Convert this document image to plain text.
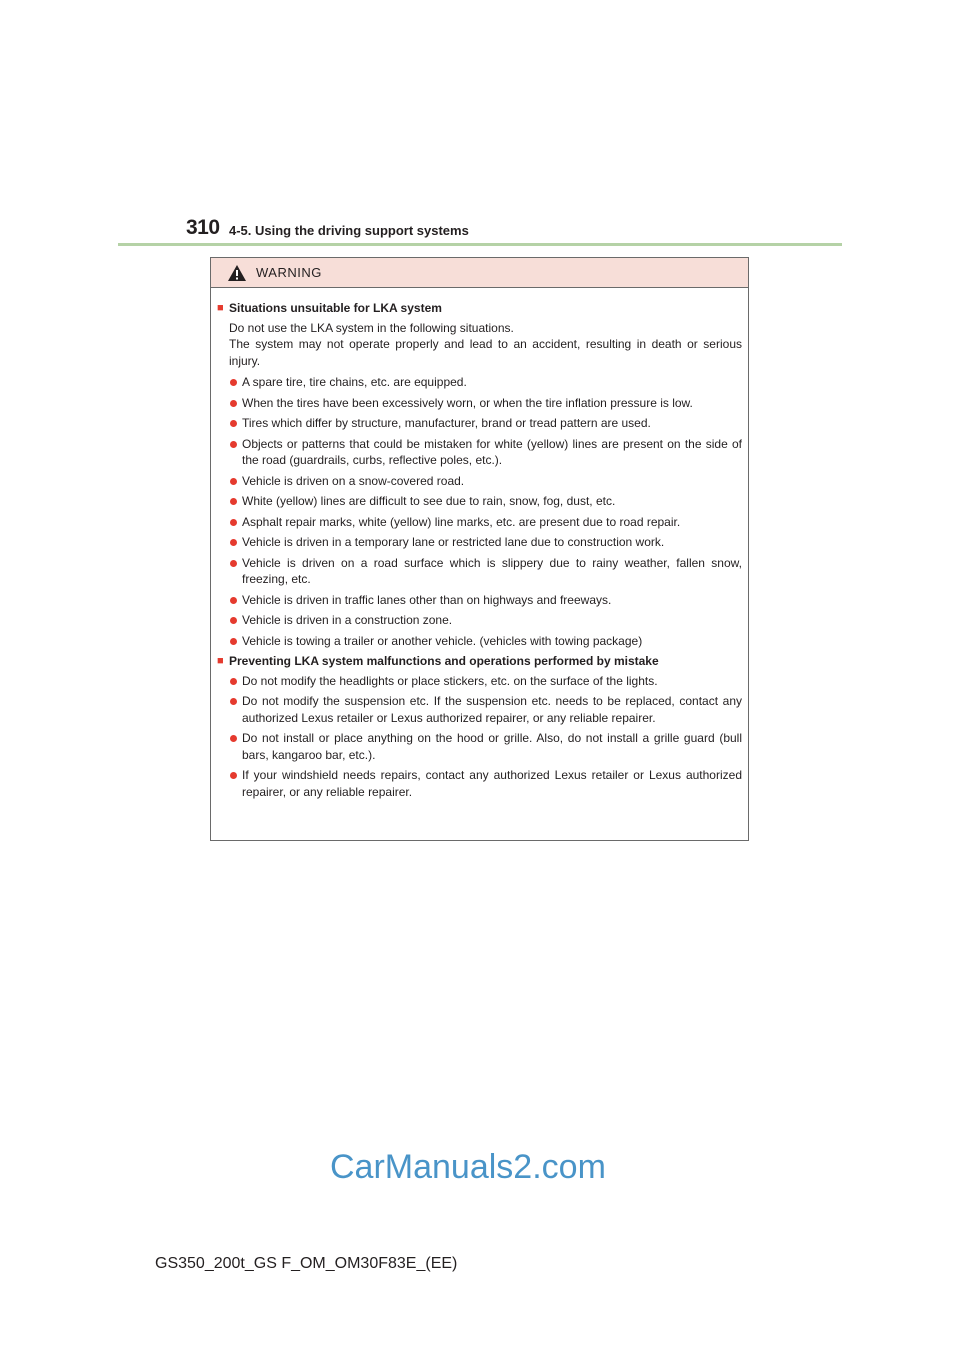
310 4-5. Using the driving support systems
WARNING
■ Situations unsuitable for LKA system
Do not use the LKA system in the following situations.
The system may not operate properly and lead to an accident, resulting in death or serious injury.
A spare tire, tire chains, etc. are equipped.
When the tires have been excessively worn, or when the tire inflation pressure is low.
Tires which differ by structure, manufacturer, brand or tread pattern are used.
Objects or patterns that could be mistaken for white (yellow) lines are present on the side of the road (guardrails, curbs, reflective poles, etc.).
Vehicle is driven on a snow-covered road.
White (yellow) lines are difficult to see due to rain, snow, fog, dust, etc.
Asphalt repair marks, white (yellow) line marks, etc. are present due to road repair.
Vehicle is driven in a temporary lane or restricted lane due to construction work.
Vehicle is driven on a road surface which is slippery due to rainy weather, fallen snow, freezing, etc.
Vehicle is driven in traffic lanes other than on highways and freeways.
Vehicle is driven in a construction zone.
Vehicle is towing a trailer or another vehicle. (vehicles with towing package)
■ Preventing LKA system malfunctions and operations performed by mistake
Do not modify the headlights or place stickers, etc. on the surface of the lights.
Do not modify the suspension etc. If the suspension etc. needs to be replaced, contact any authorized Lexus retailer or Lexus authorized repairer, or any reliable repairer.
Do not install or place anything on the hood or grille. Also, do not install a grille guard (bull bars, kangaroo bar, etc.).
If your windshield needs repairs, contact any authorized Lexus retailer or Lexus authorized repairer, or any reliable repairer.
CarManuals2.com
GS350_200t_GS F_OM_OM30F83E_(EE)
